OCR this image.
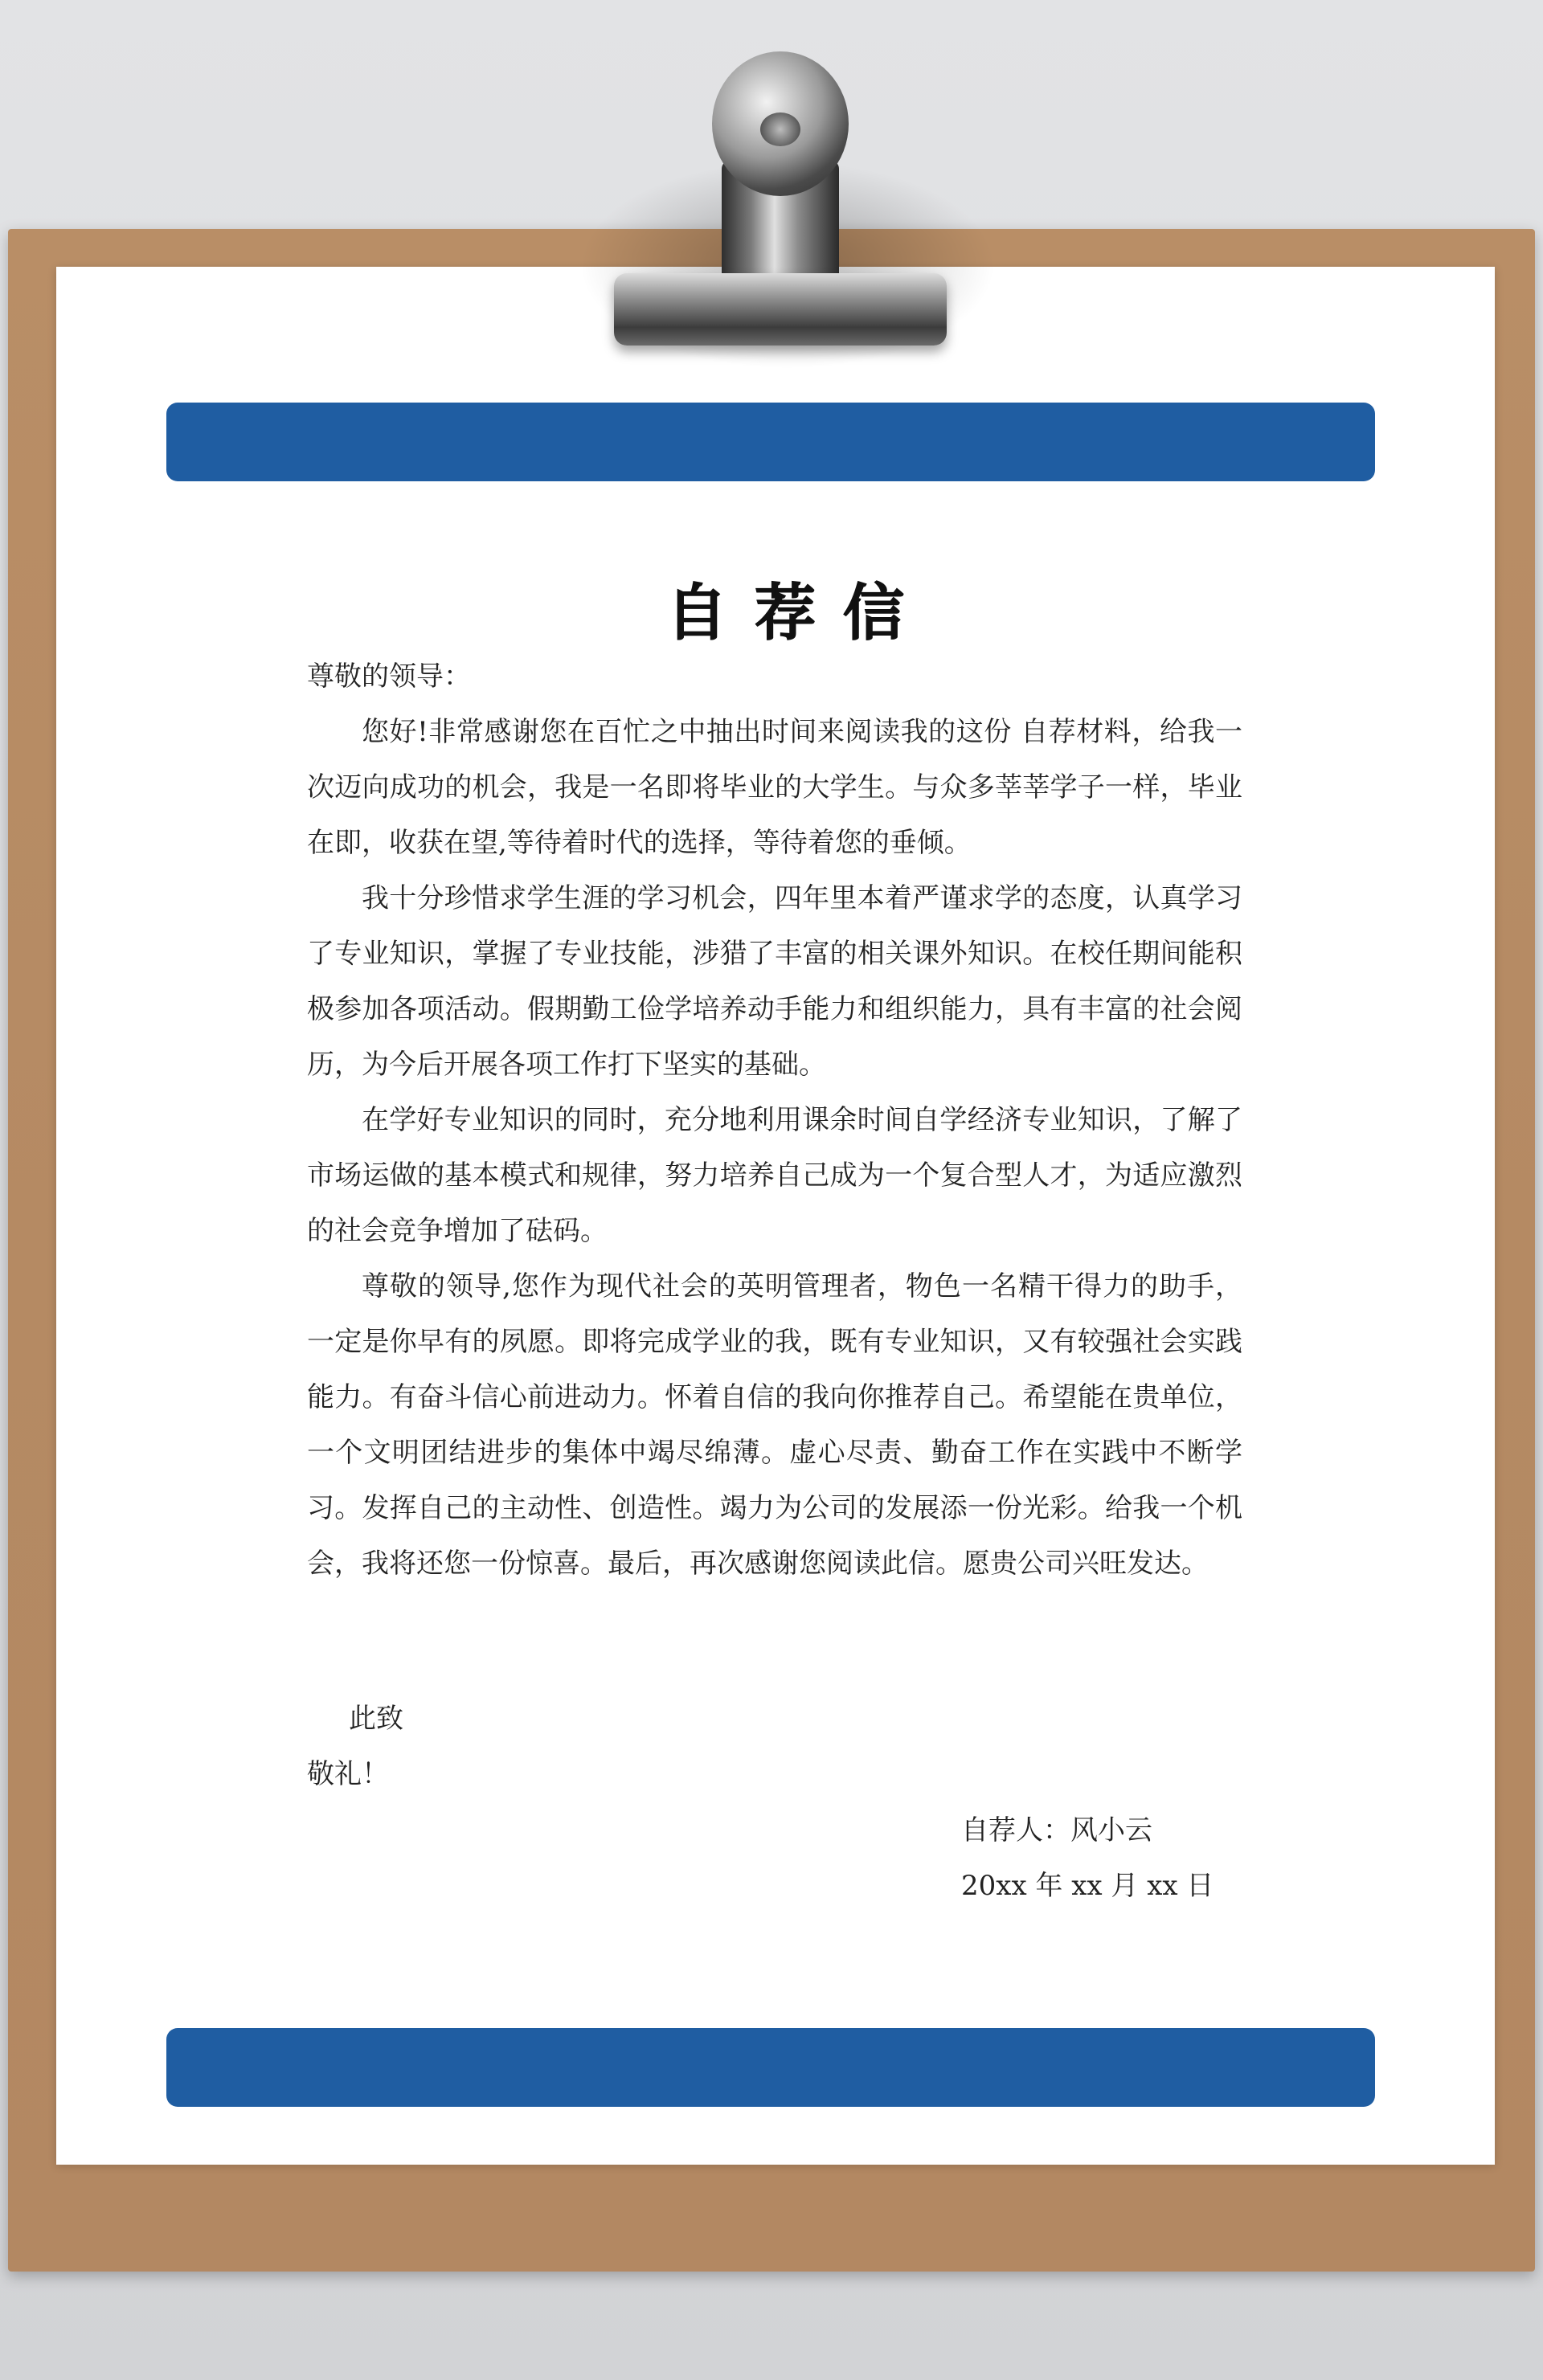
自荐信

尊敬的领导：

您好!非常感谢您在百忙之中抽出时间来阅读我的这份 自荐材料，给我一次迈向成功的机会，我是一名即将毕业的大学生。与众多莘莘学子一样，毕业在即，收获在望,等待着时代的选择，等待着您的垂倾。

我十分珍惜求学生涯的学习机会，四年里本着严谨求学的态度，认真学习了专业知识，掌握了专业技能，涉猎了丰富的相关课外知识。在校任期间能积极参加各项活动。假期勤工俭学培养动手能力和组织能力，具有丰富的社会阅历，为今后开展各项工作打下坚实的基础。

在学好专业知识的同时，充分地利用课余时间自学经济专业知识，了解了市场运做的基本模式和规律，努力培养自己成为一个复合型人才，为适应激烈的社会竞争增加了砝码。

尊敬的领导,您作为现代社会的英明管理者，物色一名精干得力的助手，一定是你早有的夙愿。即将完成学业的我，既有专业知识，又有较强社会实践能力。有奋斗信心前进动力。怀着自信的我向你推荐自己。希望能在贵单位，一个文明团结进步的集体中竭尽绵薄。虚心尽责、勤奋工作在实践中不断学习。发挥自己的主动性、创造性。竭力为公司的发展添一份光彩。给我一个机会，我将还您一份惊喜。最后，再次感谢您阅读此信。愿贵公司兴旺发达。

此致
敬礼！
自荐人：风小云
20xx 年 xx 月 xx 日
